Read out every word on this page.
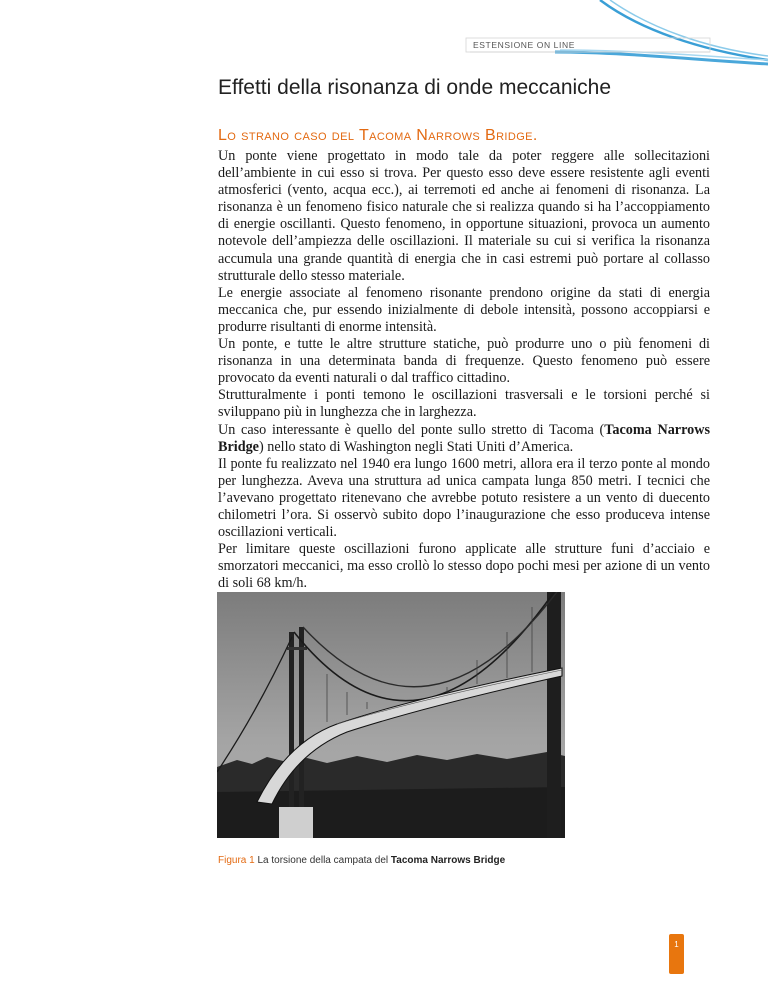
ESTENSIONE ON LINE
Effetti della risonanza di onde meccaniche
Lo strano caso del Tacoma Narrows Bridge.

Un ponte viene progettato in modo tale da poter reggere alle sollecitazioni dell’ambiente in cui esso si trova. Per questo esso deve essere resistente agli eventi atmosferici (vento, acqua ecc.), ai terremoti ed anche ai fenomeni di risonanza. La risonanza è un fenomeno fisico naturale che si realizza quando si ha l’accoppiamento di energie oscillanti. Questo fenomeno, in opportune situazioni, provoca un aumento notevole dell’ampiezza delle oscillazioni. Il materiale su cui si verifica la risonanza accumula una grande quantità di energia che in casi estremi può portare al collasso strutturale dello stesso materiale.

Le energie associate al fenomeno risonante prendono origine da stati di energia meccanica che, pur essendo inizialmente di debole intensità, possono accoppiarsi e produrre risultanti di enorme intensità.

Un ponte, e tutte le altre strutture statiche, può produrre uno o più fenomeni di risonanza in una determinata banda di frequenze. Questo fenomeno può essere provocato da eventi naturali o dal traffico cittadino.

Strutturalmente i ponti temono le oscillazioni trasversali e le torsioni perché si sviluppano più in lunghezza che in larghezza.

Un caso interessante è quello del ponte sullo stretto di Tacoma (Tacoma Narrows Bridge) nello stato di Washington negli Stati Uniti d’America.

Il ponte fu realizzato nel 1940 era lungo 1600 metri, allora era il terzo ponte al mondo per lunghezza. Aveva una struttura ad unica campata lunga 850 metri. I tecnici che l’avevano progettato ritenevano che avrebbe potuto resistere a un vento di duecento chilometri l’ora. Si osservò subito dopo l’inaugurazione che esso produceva intense oscillazioni verticali.

Per limitare queste oscillazioni furono applicate alle strutture funi d’acciaio e smorzatori meccanici, ma esso crollò lo stesso dopo pochi mesi per azione di un vento di soli 68 km/h.

Figura 1 La torsione della campata del Tacoma Narrows Bridge
1
